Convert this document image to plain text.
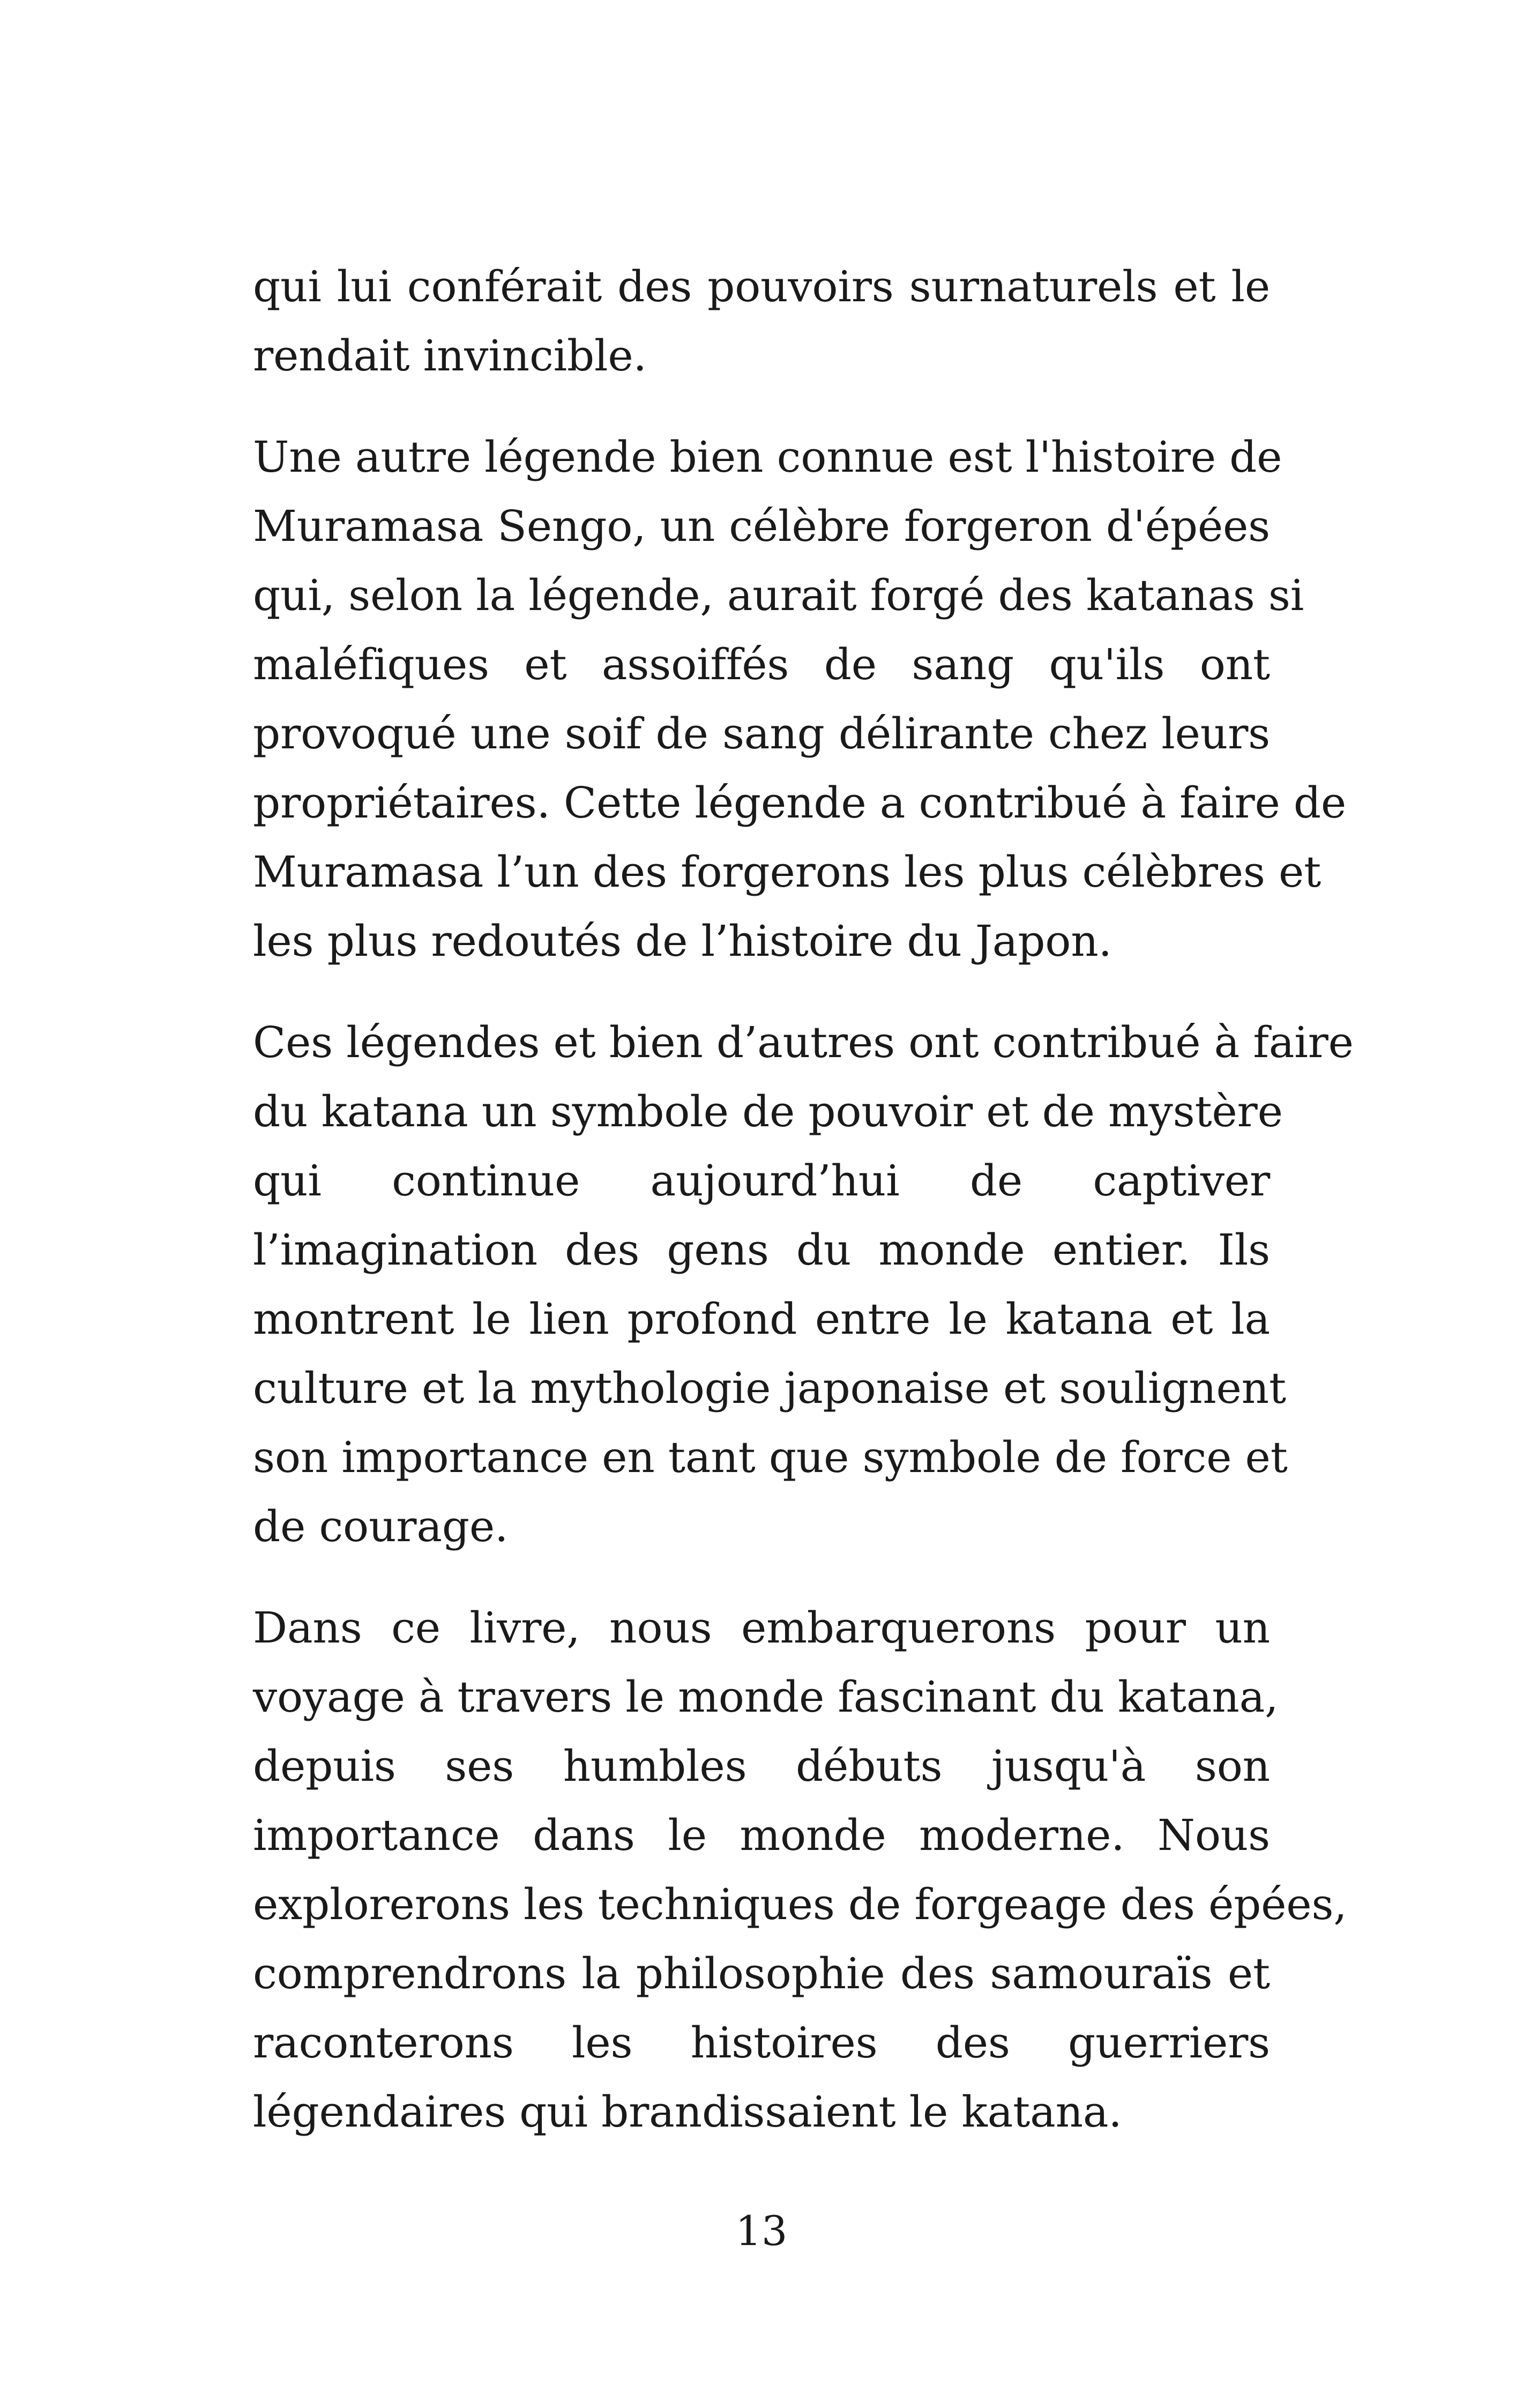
qui lui conférait des pouvoirs surnaturels et le
rendait invincible.

Une autre légende bien connue est l'histoire de
Muramasa Sengo, un célèbre forgeron d'épées
qui, selon la légende, aurait forgé des katanas si
maléfiques et assoiffés de sang qu'ils ont
provoqué une soif de sang délirante chez leurs
propriétaires. Cette légende a contribué à faire de
Muramasa l’un des forgerons les plus célèbres et
les plus redoutés de l’histoire du Japon.

Ces légendes et bien d’autres ont contribué à faire
du katana un symbole de pouvoir et de mystère
qui continue aujourd’hui de captiver
l’imagination des gens du monde entier. Ils
montrent le lien profond entre le katana et la
culture et la mythologie japonaise et soulignent
son importance en tant que symbole de force et
de courage.

Dans ce livre, nous embarquerons pour un
voyage à travers le monde fascinant du katana,
depuis ses humbles débuts jusqu'à son
importance dans le monde moderne. Nous
explorerons les techniques de forgeage des épées,
comprendrons la philosophie des samouraïs et
raconterons les histoires des guerriers
légendaires qui brandissaient le katana.

13
